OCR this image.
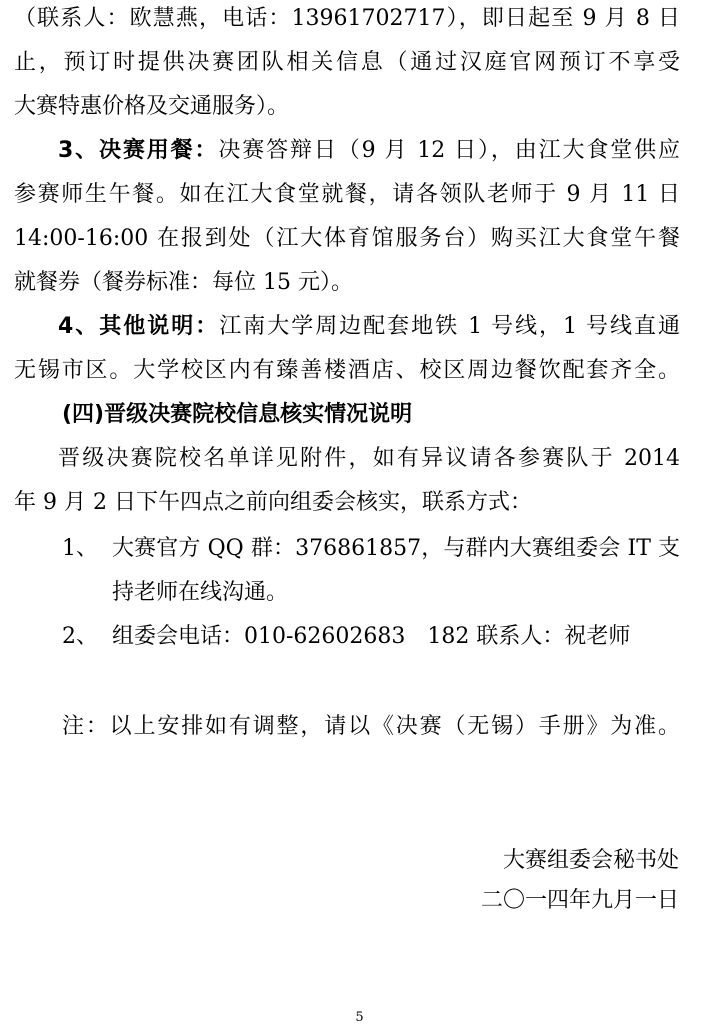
（联系人：欧慧燕，电话：13961702717），即日起至 9 月 8 日
止，预订时提供决赛团队相关信息（通过汉庭官网预订不享受
大赛特惠价格及交通服务）。
3、决赛用餐：决赛答辩日（9 月 12 日），由江大食堂供应
参赛师生午餐。如在江大食堂就餐，请各领队老师于 9 月 11 日
14:00-16:00 在报到处（江大体育馆服务台）购买江大食堂午餐
就餐券（餐券标准：每位 15 元）。
4、其他说明：江南大学周边配套地铁 1 号线，1 号线直通
无锡市区。大学校区内有臻善楼酒店、校区周边餐饮配套齐全。
(四)晋级决赛院校信息核实情况说明
晋级决赛院校名单详见附件，如有异议请各参赛队于 2014
年 9 月 2 日下午四点之前向组委会核实，联系方式：
1、 大赛官方 QQ 群：376861857，与群内大赛组委会 IT 支
持老师在线沟通。
2、 组委会电话：010-62602683　182 联系人：祝老师
注：以上安排如有调整，请以《决赛（无锡）手册》为准。
大赛组委会秘书处
二〇一四年九月一日
5
